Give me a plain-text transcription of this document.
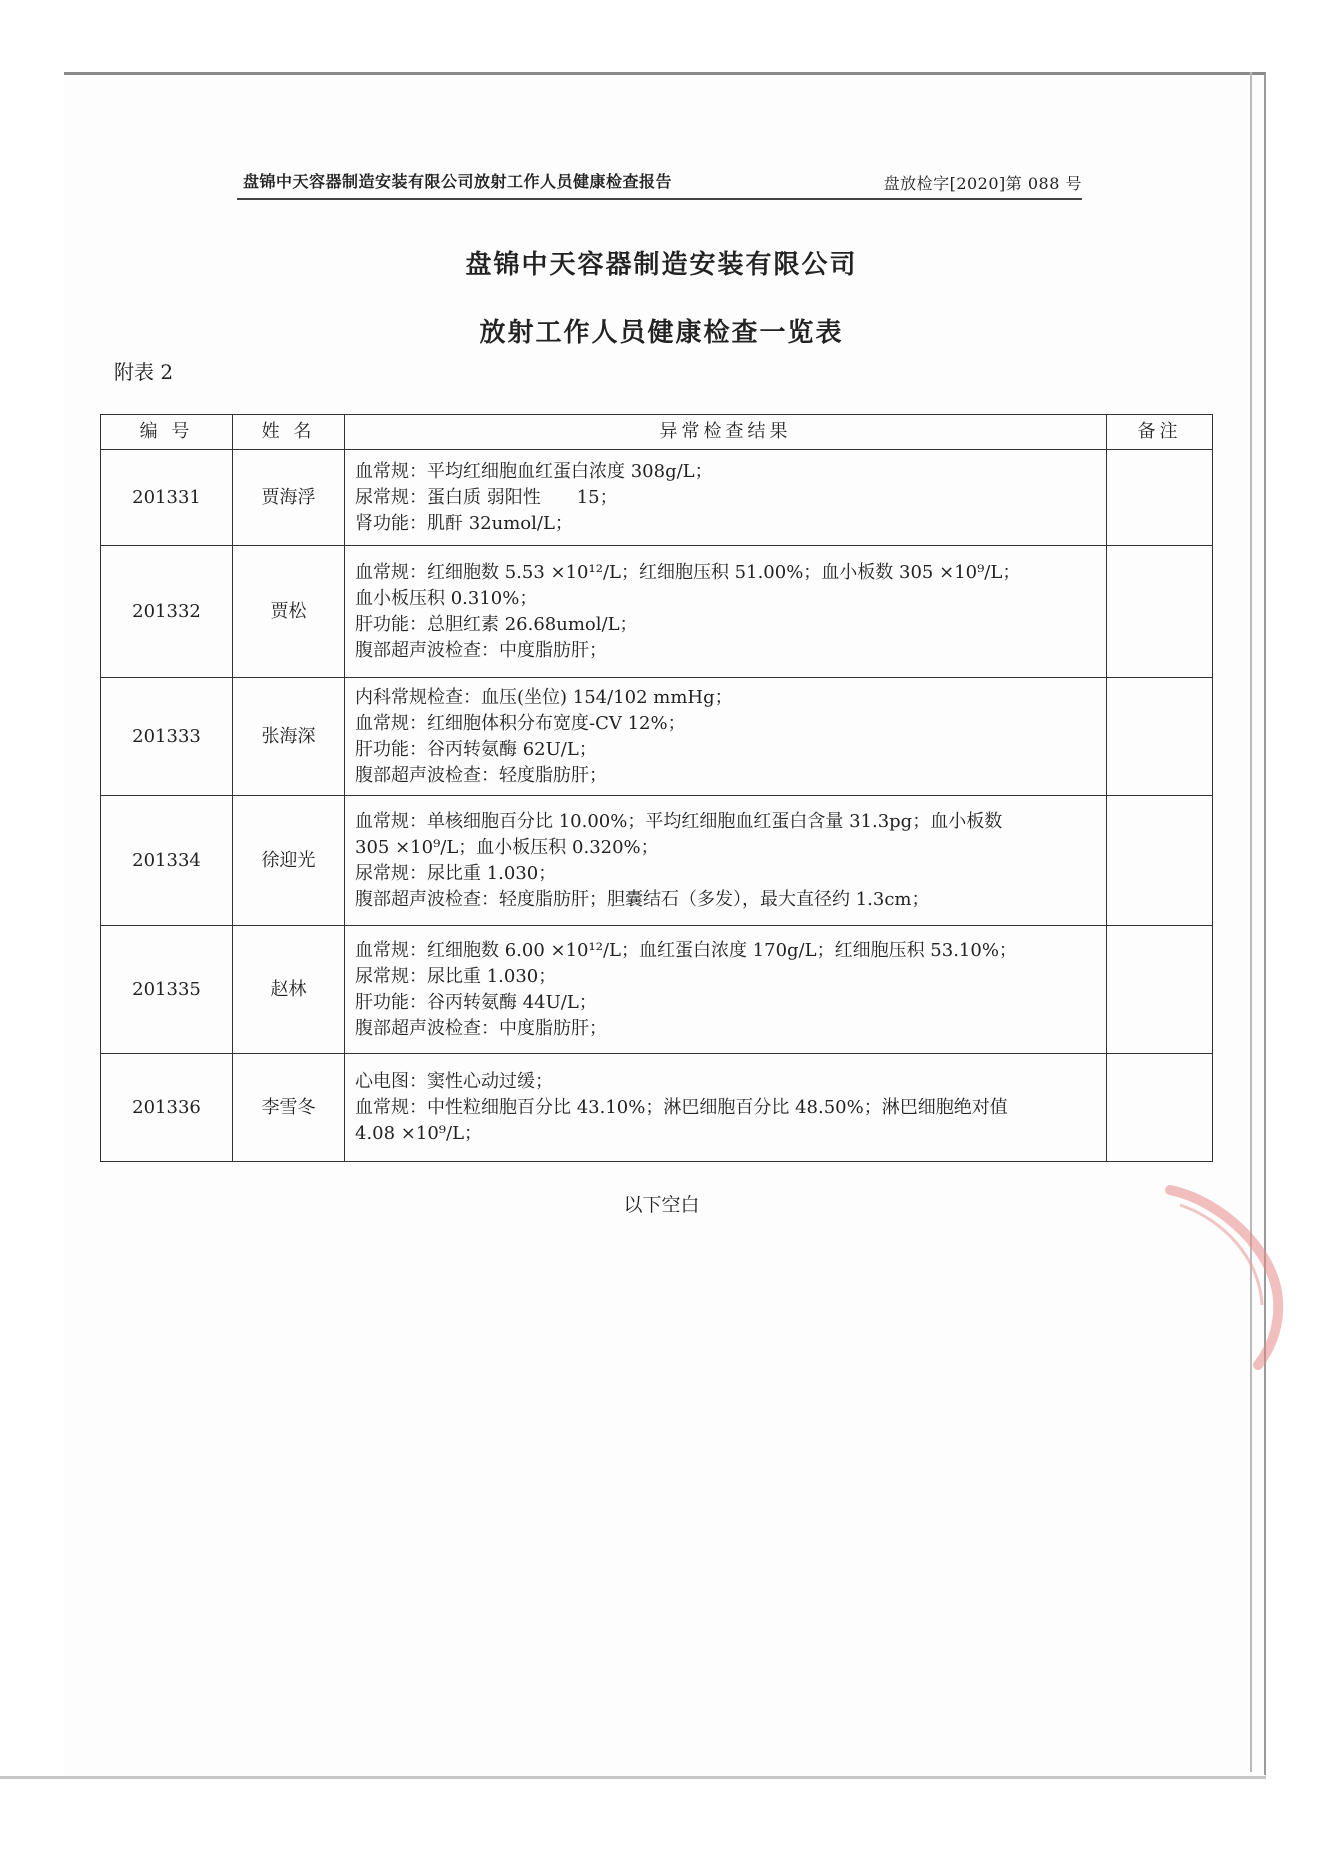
盘锦中天容器制造安装有限公司放射工作人员健康检查报告	盘放检字[2020]第 088 号
盘锦中天容器制造安装有限公司
放射工作人员健康检查一览表
附表 2
编 号	姓 名	异常检查结果	备注
201331	贾海浮	血常规：平均红细胞血红蛋白浓度 308g/L；
尿常规：蛋白质 弱阳性　　15；
肾功能：肌酐 32umol/L；	

201332	贾松	血常规：红细胞数 5.53 ×10¹²/L；红细胞压积 51.00%；血小板数 305 ×10⁹/L；
血小板压积 0.310%；
肝功能：总胆红素 26.68umol/L；
腹部超声波检查：中度脂肪肝；	

201333	张海深	内科常规检查：血压(坐位) 154/102 mmHg；
血常规：红细胞体积分布宽度-CV 12%；
肝功能：谷丙转氨酶 62U/L；
腹部超声波检查：轻度脂肪肝；	

201334	徐迎光	血常规：单核细胞百分比 10.00%；平均红细胞血红蛋白含量 31.3pg；血小板数
305 ×10⁹/L；血小板压积 0.320%；
尿常规：尿比重 1.030；
腹部超声波检查：轻度脂肪肝；胆囊结石（多发），最大直径约 1.3cm；	

201335	赵林	血常规：红细胞数 6.00 ×10¹²/L；血红蛋白浓度 170g/L；红细胞压积 53.10%；
尿常规：尿比重 1.030；
肝功能：谷丙转氨酶 44U/L；
腹部超声波检查：中度脂肪肝；	

201336	李雪冬	心电图：窦性心动过缓；
血常规：中性粒细胞百分比 43.10%；淋巴细胞百分比 48.50%；淋巴细胞绝对值
4.08 ×10⁹/L；	

以下空白
